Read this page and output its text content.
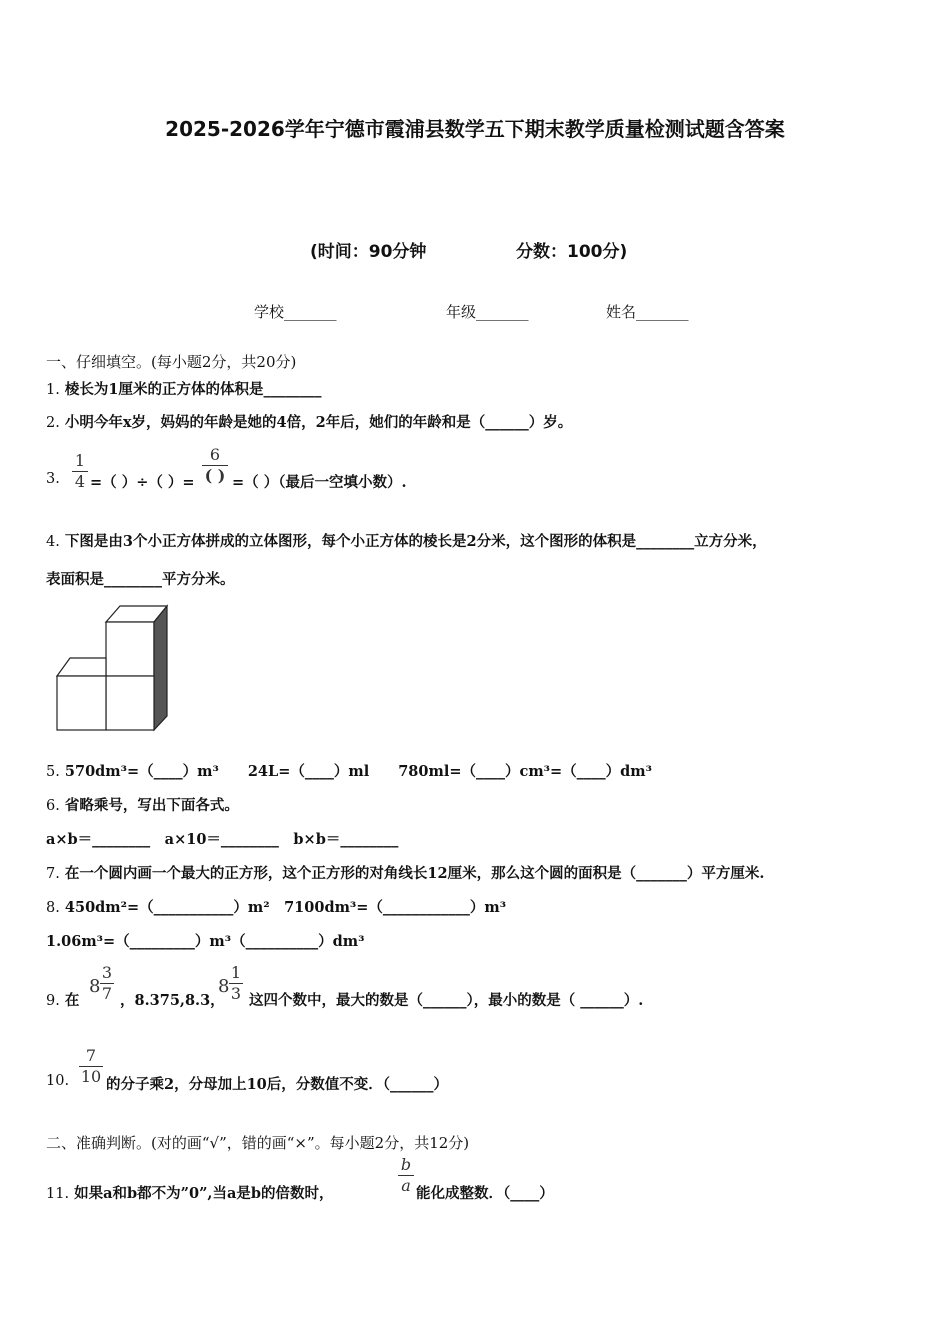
2025-2026学年宁德市霞浦县数学五下期末教学质量检测试题含答案
(时间：90分钟	分数：100分)
学校_______	年级_______	姓名_______
一、仔细填空。(每小题2分，共20分)
1. 棱长为1厘米的正方体的体积是________
2. 小明今年x岁，妈妈的年龄是她的4倍，2年后，她们的年龄和是（______）岁。
3.
1
4 =（ ）÷（ ）=
6
( ) =（ ）（最后一空填小数）.
4. 下图是由3个小正方体拼成的立体图形，每个小正方体的棱长是2分米，这个图形的体积是________立方分米，
表面积是________平方分米。
5. 570dm³=（____）m³　　24L=（____）ml　　780ml=（____）cm³=（____）dm³
6. 省略乘号，写出下面各式。
a×b＝________　a×10＝________　b×b＝________
7. 在一个圆内画一个最大的正方形，这个正方形的对角线长12厘米，那么这个圆的面积是（_______）平方厘米.
8. 450dm²=（___________）m²　7100dm³=（____________）m³
1.06m³=（_________）m³（__________）dm³
9. 在
8
3
7 ，8.375,8.3，
8
1
3 这四个数中，最大的数是（______），最小的数是（ ______）.
10.
7
10 的分子乘2，分母加上10后，分数值不变．（______）
二、准确判断。(对的画“√”，错的画“×”。每小题2分，共12分)
11. 如果a和b都不为”0”,当a是b的倍数时，
b
a 能化成整数．（____）
